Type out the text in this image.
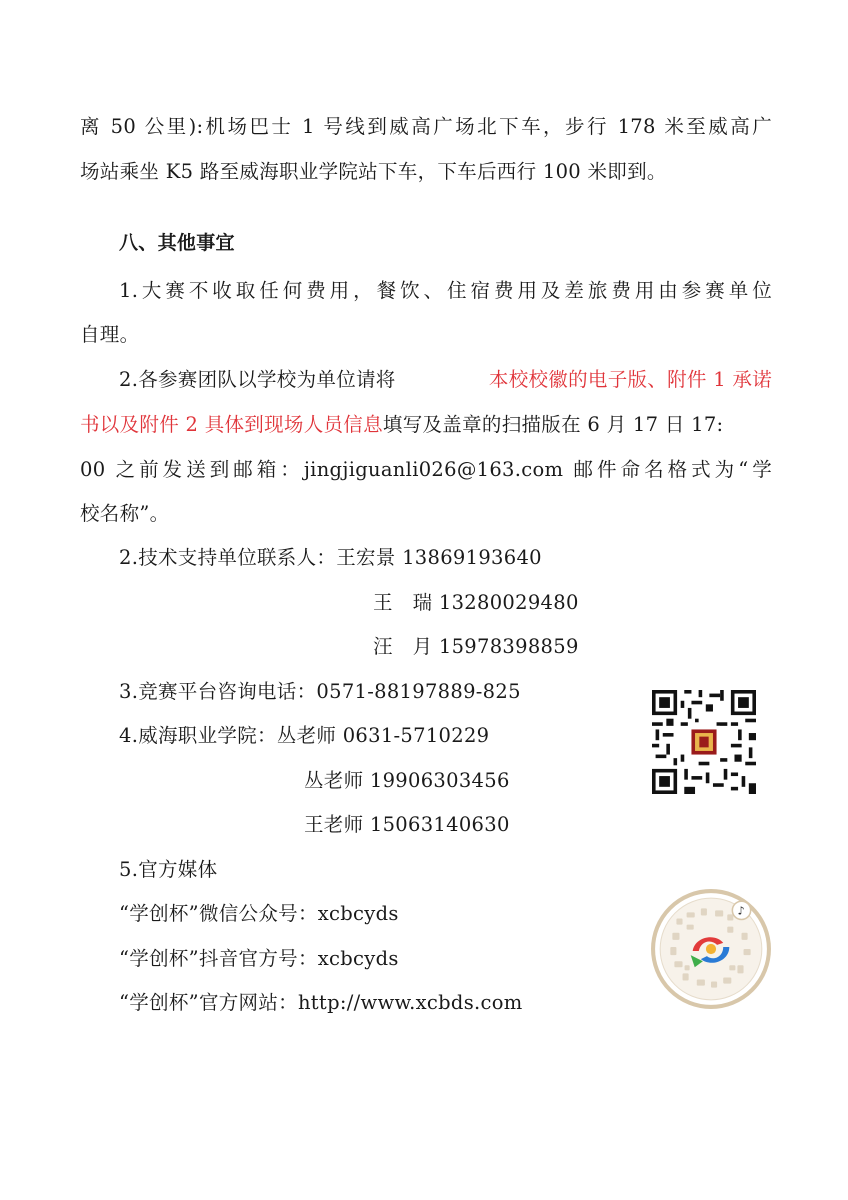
离 50 公里):机场巴士 1 号线到威高广场北下车，步行 178 米至威高广
场站乘坐 K5 路至威海职业学院站下车，下车后西行 100 米即到。
八、其他事宜
1.大赛不收取任何费用，餐饮、住宿费用及差旅费用由参赛单位
自理。
2.各参赛团队以学校为单位请将	本校校徽的电子版、附件 1 承诺
书以及附件 2 具体到现场人员信息填写及盖章的扫描版在 6 月 17 日 17:
00 之前发送到邮箱：jingjiguanli026@163.com 邮件命名格式为“学
校名称”。
2.技术支持单位联系人：王宏景 13869193640
王　瑞 13280029480
汪　月 15978398859
3.竞赛平台咨询电话：0571-88197889-825
4.威海职业学院：丛老师 0631-5710229
丛老师 19906303456
王老师 15063140630
5.官方媒体
“学创杯”微信公众号：xcbcyds
“学创杯”抖音官方号：xcbcyds
“学创杯”官方网站：http://www.xcbds.com
♪
